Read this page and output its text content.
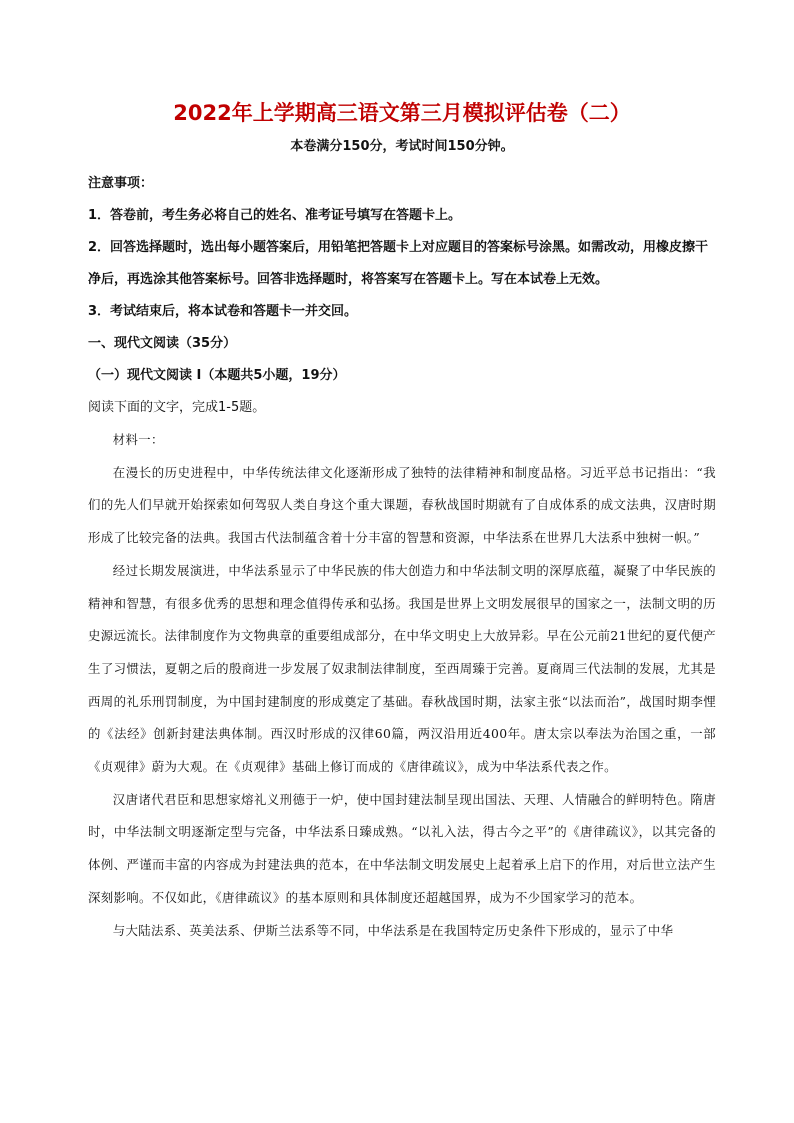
2022年上学期高三语文第三月模拟评估卷（二）

本卷满分150分，考试时间150分钟。

注意事项：

1．答卷前，考生务必将自己的姓名、准考证号填写在答题卡上。

2．回答选择题时，选出每小题答案后，用铅笔把答题卡上对应题目的答案标号涂黑。如需改动，用橡皮擦干净后，再选涂其他答案标号。回答非选择题时，将答案写在答题卡上。写在本试卷上无效。

3．考试结束后，将本试卷和答题卡一并交回。

一、现代文阅读（35分）

（一）现代文阅读 I（本题共5小题，19分）

阅读下面的文字，完成1-5题。

材料一：

在漫长的历史进程中，中华传统法律文化逐渐形成了独特的法律精神和制度品格。习近平总书记指出：“我们的先人们早就开始探索如何驾驭人类自身这个重大课题，春秋战国时期就有了自成体系的成文法典，汉唐时期形成了比较完备的法典。我国古代法制蕴含着十分丰富的智慧和资源，中华法系在世界几大法系中独树一帜。”

经过长期发展演进，中华法系显示了中华民族的伟大创造力和中华法制文明的深厚底蕴，凝聚了中华民族的精神和智慧，有很多优秀的思想和理念值得传承和弘扬。我国是世界上文明发展很早的国家之一，法制文明的历史源远流长。法律制度作为文物典章的重要组成部分，在中华文明史上大放异彩。早在公元前21世纪的夏代便产生了习惯法，夏朝之后的殷商进一步发展了奴隶制法律制度，至西周臻于完善。夏商周三代法制的发展，尤其是西周的礼乐刑罚制度，为中国封建制度的形成奠定了基础。春秋战国时期，法家主张“以法而治”，战国时期李悝的《法经》创新封建法典体制。西汉时形成的汉律60篇，两汉沿用近400年。唐太宗以奉法为治国之重，一部《贞观律》蔚为大观。在《贞观律》基础上修订而成的《唐律疏议》，成为中华法系代表之作。

汉唐诸代君臣和思想家熔礼义刑德于一炉，使中国封建法制呈现出国法、天理、人情融合的鲜明特色。隋唐时，中华法制文明逐渐定型与完备，中华法系日臻成熟。“以礼入法，得古今之平”的《唐律疏议》，以其完备的体例、严谨而丰富的内容成为封建法典的范本，在中华法制文明发展史上起着承上启下的作用，对后世立法产生深刻影响。不仅如此，《唐律疏议》的基本原则和具体制度还超越国界，成为不少国家学习的范本。

与大陆法系、英美法系、伊斯兰法系等不同，中华法系是在我国特定历史条件下形成的，显示了中华
